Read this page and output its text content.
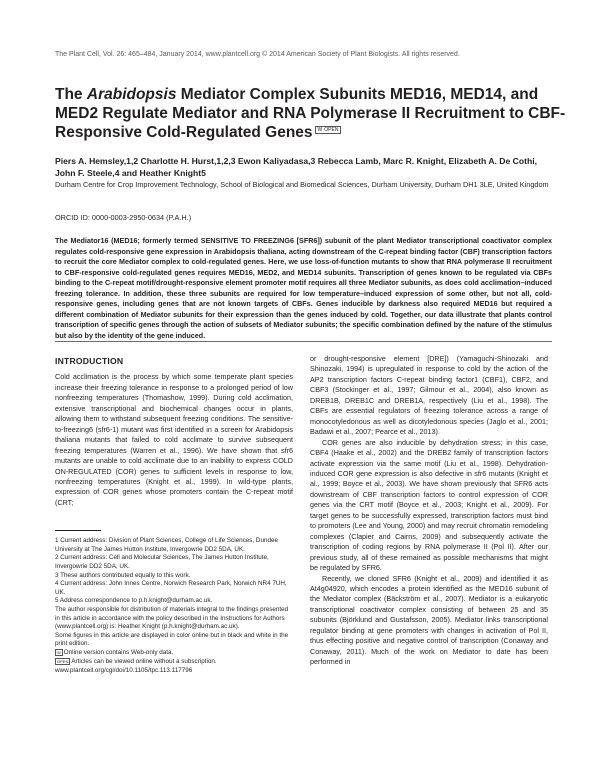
The Plant Cell, Vol. 26: 465–484, January 2014, www.plantcell.org © 2014 American Society of Plant Biologists. All rights reserved.
The Arabidopsis Mediator Complex Subunits MED16, MED14, and MED2 Regulate Mediator and RNA Polymerase II Recruitment to CBF-Responsive Cold-Regulated Genes W OPEN
Piers A. Hemsley,1,2 Charlotte H. Hurst,1,2,3 Ewon Kaliyadasa,3 Rebecca Lamb, Marc R. Knight, Elizabeth A. De Cothi, John F. Steele,4 and Heather Knight5
Durham Centre for Crop Improvement Technology, School of Biological and Biomedical Sciences, Durham University, Durham DH1 3LE, United Kingdom
ORCID ID: 0000-0003-2950-0634 (P.A.H.)

The Mediator16 (MED16; formerly termed SENSITIVE TO FREEZING6 [SFR6]) subunit of the plant Mediator transcriptional coactivator complex regulates cold-responsive gene expression in Arabidopsis thaliana, acting downstream of the C-repeat binding factor (CBF) transcription factors to recruit the core Mediator complex to cold-regulated genes. Here, we use loss-of-function mutants to show that RNA polymerase II recruitment to CBF-responsive cold-regulated genes requires MED16, MED2, and MED14 subunits. Transcription of genes known to be regulated via CBFs binding to the C-repeat motif/drought-responsive element promoter motif requires all three Mediator subunits, as does cold acclimation–induced freezing tolerance. In addition, these three subunits are required for low temperature–induced expression of some other, but not all, cold-responsive genes, including genes that are not known targets of CBFs. Genes inducible by darkness also required MED16 but required a different combination of Mediator subunits for their expression than the genes induced by cold. Together, our data illustrate that plants control transcription of specific genes through the action of subsets of Mediator subunits; the specific combination defined by the nature of the stimulus but also by the identity of the gene induced.

INTRODUCTION

Cold acclimation is the process by which some temperate plant species increase their freezing tolerance in response to a prolonged period of low nonfreezing temperatures (Thomashow, 1999). During cold acclimation, extensive transcriptional and biochemical changes occur in plants, allowing them to withstand subsequent freezing conditions. The sensitive-to-freezing6 (sfr6-1) mutant was first identified in a screen for Arabidopsis thaliana mutants that failed to cold acclimate to survive subsequent freezing temperatures (Warren et al., 1996). We have shown that sfr6 mutants are unable to cold acclimate due to an inability to express COLD ON-REGULATED (COR) genes to sufficient levels in response to low, nonfreezing temperatures (Knight et al., 1999). In wild-type plants, expression of COR genes whose promoters contain the C-repeat motif (CRT;

1 Current address: Division of Plant Sciences, College of Life Sciences, Dundee University at The James Hutton Institute, Invergowrie DD2 5DA, UK.
2 Current address: Cell and Molecular Sciences, The James Hutton Institute, Invergowrie DD2 5DA, UK.
3 These authors contributed equally to this work.
4 Current address: John Innes Centre, Norwich Research Park, Norwich NR4 7UH, UK.
5 Address correspondence to p.h.knight@durham.ac.uk.
The author responsible for distribution of materials integral to the findings presented in this article in accordance with the policy described in the Instructions for Authors (www.plantcell.org) is: Heather Knight (p.h.knight@durham.ac.uk).
Some figures in this article are displayed in color online but in black and white in the print edition.
W Online version contains Web-only data.
OPEN Articles can be viewed online without a subscription.
www.plantcell.org/cgi/doi/10.1105/tpc.113.117796

or drought-responsive element [DRE]) (Yamaguchi-Shinozaki and Shinozaki, 1994) is upregulated in response to cold by the action of the AP2 transcription factors C-repeat binding factor1 (CBF1), CBF2, and CBF3 (Stockinger et al., 1997; Gilmour et al., 2004), also known as DREB1B, DREB1C and DREB1A, respectively (Liu et al., 1998). The CBFs are essential regulators of freezing tolerance across a range of monocotyledonous as well as dicotyledonous species (Jaglo et al., 2001; Badawi et al., 2007; Pearce et al., 2013).

COR genes are also inducible by dehydration stress; in this case, CBF4 (Haake et al., 2002) and the DREB2 family of transcription factors activate expression via the same motif (Liu et al., 1998). Dehydration-induced COR gene expression is also defective in sfr6 mutants (Knight et al., 1999; Boyce et al., 2003). We have shown previously that SFR6 acts downstream of CBF transcription factors to control expression of COR genes via the CRT motif (Boyce et al., 2003; Knight et al., 2009). For target genes to be successfully expressed, transcription factors must bind to promoters (Lee and Young, 2000) and may recruit chromatin remodeling complexes (Clapier and Cairns, 2009) and subsequently activate the transcription of coding regions by RNA polymerase II (Pol II). After our previous study, all of these remained as possible mechanisms that might be regulated by SFR6.

Recently, we cloned SFR6 (Knight et al., 2009) and identified it as At4g04920, which encodes a protein identified as the MED16 subunit of the Mediator complex (Bäckström et al., 2007). Mediator is a eukaryotic transcriptional coactivator complex consisting of between 25 and 35 subunits (Björklund and Gustafsson, 2005). Mediator links transcriptional regulator binding at gene promoters with changes in activation of Pol II, thus effecting positive and negative control of transcription (Conaway and Conaway, 2011). Much of the work on Mediator to date has been performed in
